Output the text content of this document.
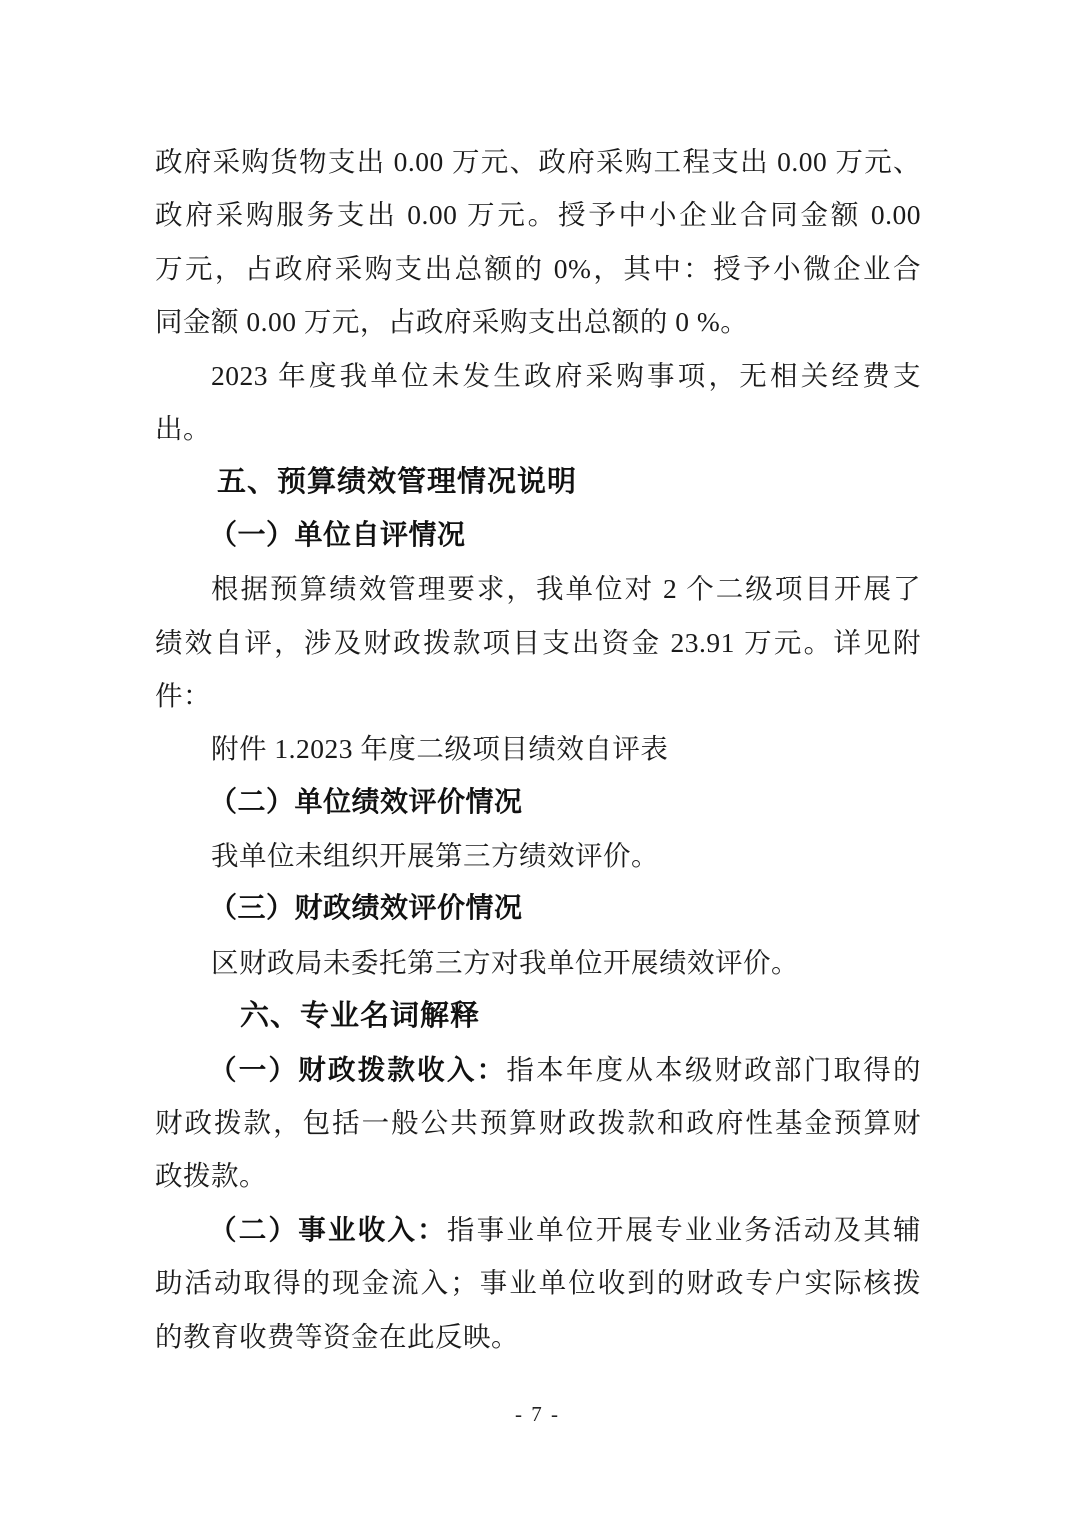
政府采购货物支出 0.00 万元、政府采购工程支出 0.00 万元、
政府采购服务支出 0.00 万元。授予中小企业合同金额 0.00
万元，占政府采购支出总额的 0%，其中：授予小微企业合
同金额 0.00 万元，占政府采购支出总额的 0 %。
2023 年度我单位未发生政府采购事项，无相关经费支
出。
五、预算绩效管理情况说明
（一）单位自评情况
根据预算绩效管理要求，我单位对 2 个二级项目开展了
绩效自评，涉及财政拨款项目支出资金 23.91 万元。详见附
件：
附件 1.2023 年度二级项目绩效自评表
（二）单位绩效评价情况
我单位未组织开展第三方绩效评价。
（三）财政绩效评价情况
区财政局未委托第三方对我单位开展绩效评价。
六、专业名词解释
（一）财政拨款收入：指本年度从本级财政部门取得的
财政拨款，包括一般公共预算财政拨款和政府性基金预算财
政拨款。
（二）事业收入：指事业单位开展专业业务活动及其辅
助活动取得的现金流入；事业单位收到的财政专户实际核拨
的教育收费等资金在此反映。
- 7 -
